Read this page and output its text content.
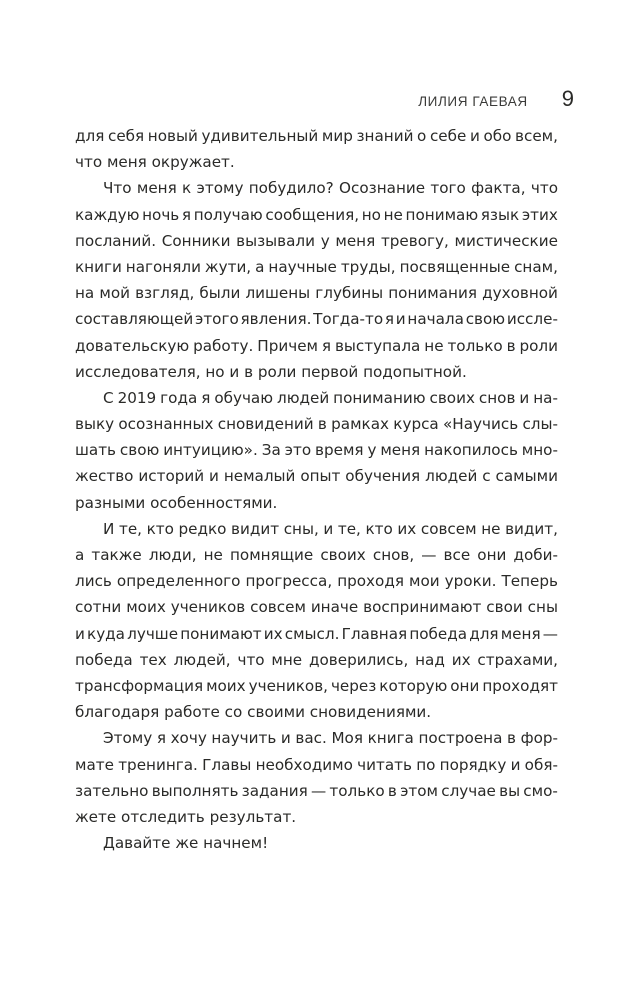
ЛИЛИЯ ГАЕВАЯ 9
для себя новый удивительный мир знаний о себе и обо всем,
что меня окружает.
Что меня к этому побудило? Осознание того факта, что
каждую ночь я получаю сообщения, но не понимаю язык этих
посланий. Сонники вызывали у меня тревогу, мистические
книги нагоняли жути, а научные труды, посвященные снам,
на мой взгляд, были лишены глубины понимания духовной
составляющей этого явления. Тогда-то я и начала свою иссле-
довательскую работу. Причем я выступала не только в роли
исследователя, но и в роли первой подопытной.
С 2019 года я обучаю людей пониманию своих снов и на-
выку осознанных сновидений в рамках курса «Научись слы-
шать свою интуицию». За это время у меня накопилось мно-
жество историй и немалый опыт обучения людей с самыми
разными особенностями.
И те, кто редко видит сны, и те, кто их совсем не видит,
а также люди, не помнящие своих снов, — все они доби-
лись определенного прогресса, проходя мои уроки. Теперь
сотни моих учеников совсем иначе воспринимают свои сны
и куда лучше понимают их смысл. Главная победа для меня —
победа тех людей, что мне доверились, над их страхами,
трансформация моих учеников, через которую они проходят
благодаря работе со своими сновидениями.
Этому я хочу научить и вас. Моя книга построена в фор-
мате тренинга. Главы необходимо читать по порядку и обя-
зательно выполнять задания — только в этом случае вы смо-
жете отследить результат.
Давайте же начнем!
